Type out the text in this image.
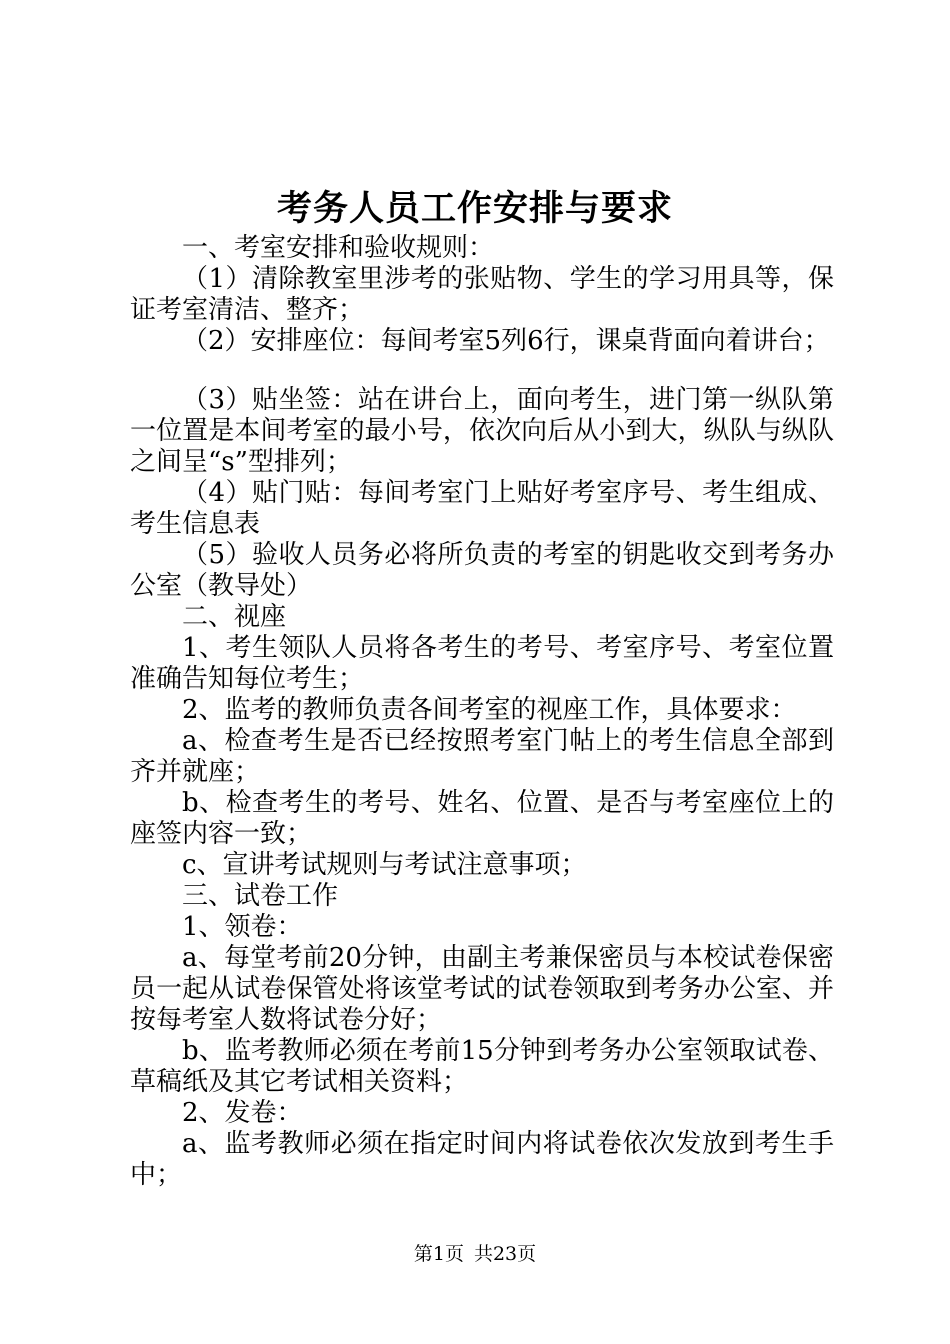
考务人员工作安排与要求

一、考室安排和验收规则：

（1）清除教室里涉考的张贴物、学生的学习用具等，保证考室清洁、整齐；

（2）安排座位：每间考室5列6行，课桌背面向着讲台；

（3）贴坐签：站在讲台上，面向考生，进门第一纵队第一位置是本间考室的最小号，依次向后从小到大，纵队与纵队之间呈“s”型排列；

（4）贴门贴：每间考室门上贴好考室序号、考生组成、考生信息表

（5）验收人员务必将所负责的考室的钥匙收交到考务办公室（教导处）

二、视座

1、考生领队人员将各考生的考号、考室序号、考室位置准确告知每位考生；

2、监考的教师负责各间考室的视座工作，具体要求：

a、检查考生是否已经按照考室门帖上的考生信息全部到齐并就座；

b、检查考生的考号、姓名、位置、是否与考室座位上的座签内容一致；

c、宣讲考试规则与考试注意事项；

三、试卷工作

1、领卷：

a、每堂考前20分钟，由副主考兼保密员与本校试卷保密员一起从试卷保管处将该堂考试的试卷领取到考务办公室、并按每考室人数将试卷分好；

b、监考教师必须在考前15分钟到考务办公室领取试卷、草稿纸及其它考试相关资料；

2、发卷：

a、监考教师必须在指定时间内将试卷依次发放到考生手中；

第1页 共23页
